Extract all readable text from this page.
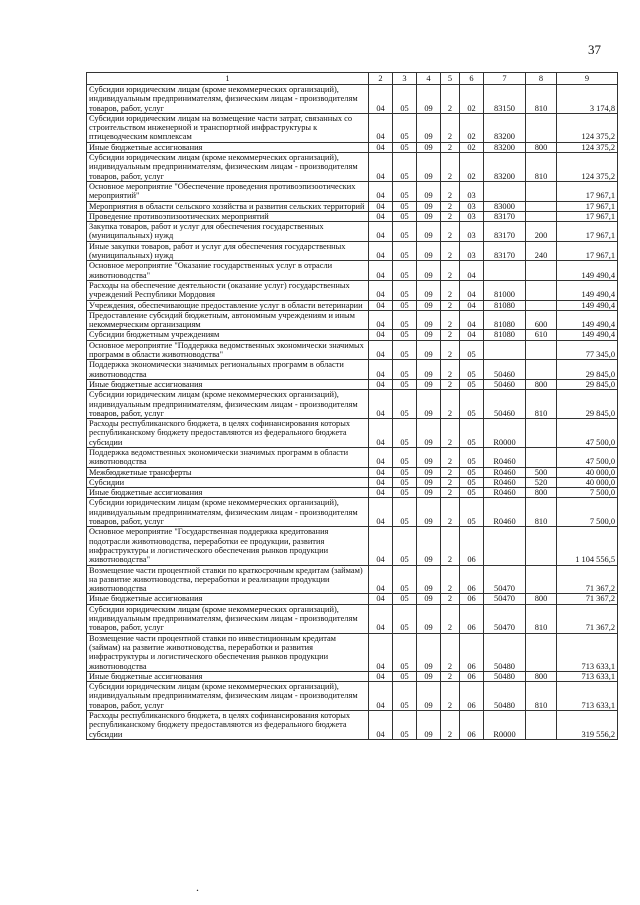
37
1	2	3	4	5	6	7	8	9
Субсидии юридическим лицам (кроме некоммерческих организаций), индивидуальным предпринимателям, физическим лицам - производителям товаров, работ, услуг	04	05	09	2	02	83150	810	3 174,8
Субсидии юридическим лицам на возмещение части затрат, связанных со строительством инженерной и транспортной инфраструктуры к птицеводческим комплексам	04	05	09	2	02	83200		124 375,2
Иные бюджетные ассигнования	04	05	09	2	02	83200	800	124 375,2
Субсидии юридическим лицам (кроме некоммерческих организаций), индивидуальным предпринимателям, физическим лицам - производителям товаров, работ, услуг	04	05	09	2	02	83200	810	124 375,2
Основное мероприятие "Обеспечение проведения противоэпизоотических мероприятий"	04	05	09	2	03			17 967,1
Мероприятия в области сельского хозяйства и развития сельских территорий	04	05	09	2	03	83000		17 967,1
Проведение противоэпизоотических мероприятий	04	05	09	2	03	83170		17 967,1
Закупка товаров, работ и услуг для обеспечения государственных (муниципальных) нужд	04	05	09	2	03	83170	200	17 967,1
Иные закупки товаров, работ и услуг для обеспечения государственных (муниципальных) нужд	04	05	09	2	03	83170	240	17 967,1
Основное мероприятие "Оказание государственных услуг в отрасли животноводства"	04	05	09	2	04			149 490,4
Расходы на обеспечение деятельности (оказание услуг) государственных учреждений Республики Мордовия	04	05	09	2	04	81000		149 490,4
Учреждения, обеспечивающие предоставление услуг в области ветеринарии	04	05	09	2	04	81080		149 490,4
Предоставление субсидий бюджетным, автономным учреждениям и иным некоммерческим организациям	04	05	09	2	04	81080	600	149 490,4
Субсидии бюджетным учреждениям	04	05	09	2	04	81080	610	149 490,4
Основное мероприятие "Поддержка ведомственных экономически значимых программ в области животноводства"	04	05	09	2	05			77 345,0
Поддержка экономически значимых региональных программ в области животноводства	04	05	09	2	05	50460		29 845,0
Иные бюджетные ассигнования	04	05	09	2	05	50460	800	29 845,0
Субсидии юридическим лицам (кроме некоммерческих организаций), индивидуальным предпринимателям, физическим лицам - производителям товаров, работ, услуг	04	05	09	2	05	50460	810	29 845,0
Расходы республиканского бюджета, в целях софинансирования которых республиканскому бюджету предоставляются из федерального бюджета субсидии	04	05	09	2	05	R0000		47 500,0
Поддержка ведомственных экономически значимых программ в области животноводства	04	05	09	2	05	R0460		47 500,0
Межбюджетные трансферты	04	05	09	2	05	R0460	500	40 000,0
Субсидии	04	05	09	2	05	R0460	520	40 000,0
Иные бюджетные ассигнования	04	05	09	2	05	R0460	800	7 500,0
Субсидии юридическим лицам (кроме некоммерческих организаций), индивидуальным предпринимателям, физическим лицам - производителям товаров, работ, услуг	04	05	09	2	05	R0460	810	7 500,0
Основное мероприятие "Государственная поддержка кредитования подотрасли животноводства, переработки ее продукции, развития инфраструктуры и логистического обеспечения рынков продукции животноводства"	04	05	09	2	06			1 104 556,5
Возмещение части процентной ставки по краткосрочным кредитам (займам) на развитие животноводства, переработки и реализации продукции животноводства	04	05	09	2	06	50470		71 367,2
Иные бюджетные ассигнования	04	05	09	2	06	50470	800	71 367,2
Субсидии юридическим лицам (кроме некоммерческих организаций), индивидуальным предпринимателям, физическим лицам - производителям товаров, работ, услуг	04	05	09	2	06	50470	810	71 367,2
Возмещение части процентной ставки по инвестиционным кредитам (займам) на развитие животноводства, переработки и развития инфраструктуры и логистического обеспечения рынков продукции животноводства	04	05	09	2	06	50480		713 633,1
Иные бюджетные ассигнования	04	05	09	2	06	50480	800	713 633,1
Субсидии юридическим лицам (кроме некоммерческих организаций), индивидуальным предпринимателям, физическим лицам - производителям товаров, работ, услуг	04	05	09	2	06	50480	810	713 633,1
Расходы республиканского бюджета, в целях софинансирования которых республиканскому бюджету предоставляются из федерального бюджета субсидии	04	05	09	2	06	R0000		319 556,2
.
